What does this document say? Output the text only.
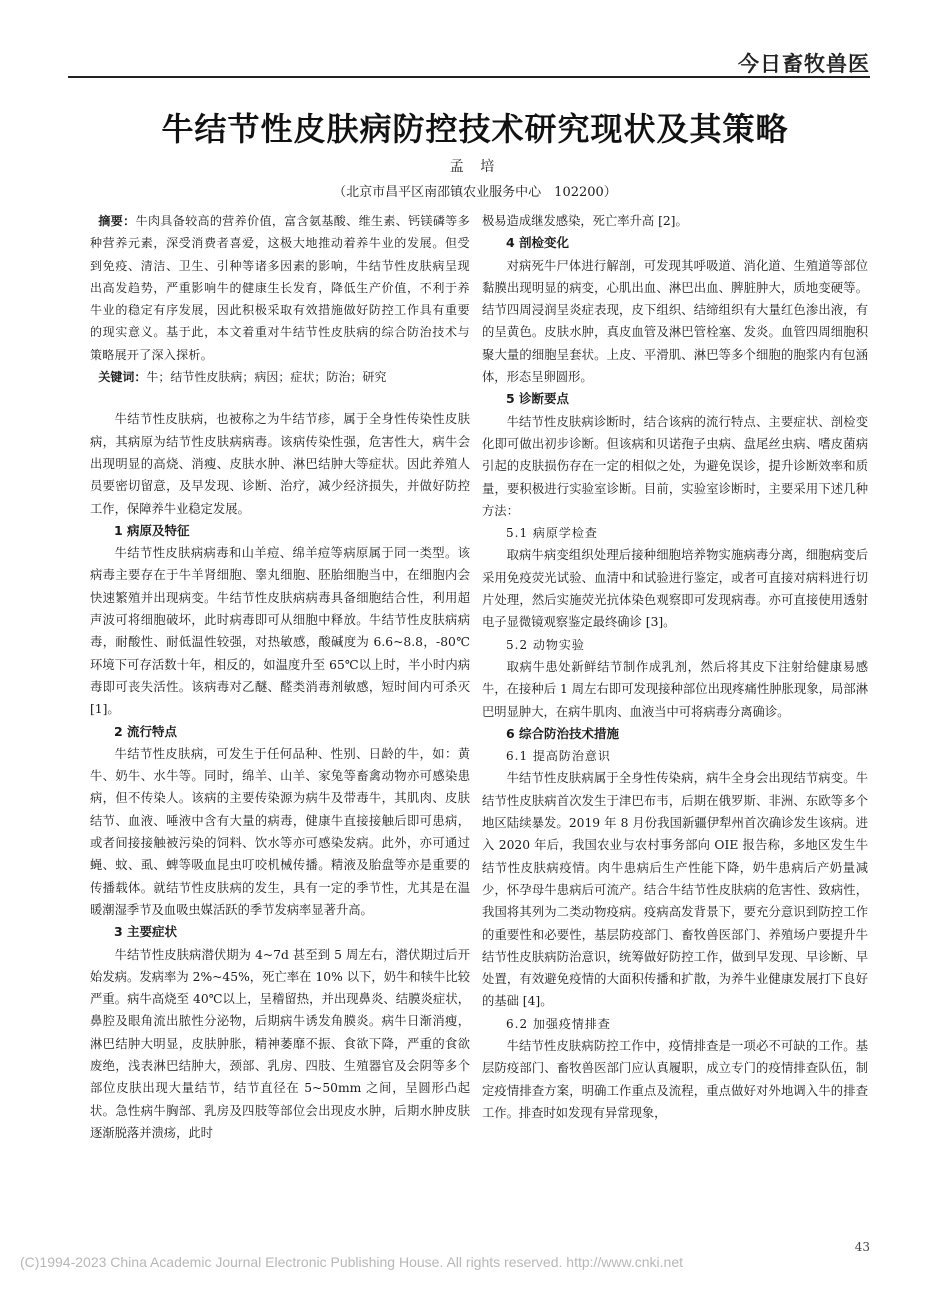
今日畜牧兽医
牛结节性皮肤病防控技术研究现状及其策略
孟 培
（北京市昌平区南邵镇农业服务中心　102200）

摘要：牛肉具备较高的营养价值，富含氨基酸、维生素、钙镁磷等多种营养元素，深受消费者喜爱，这极大地推动着养牛业的发展。但受到免疫、清洁、卫生、引种等诸多因素的影响，牛结节性皮肤病呈现出高发趋势，严重影响牛的健康生长发育，降低生产价值，不利于养牛业的稳定有序发展，因此积极采取有效措施做好防控工作具有重要的现实意义。基于此，本文着重对牛结节性皮肤病的综合防治技术与策略展开了深入探析。

关键词：牛；结节性皮肤病；病因；症状；防治；研究

牛结节性皮肤病，也被称之为牛结节疹，属于全身性传染性皮肤病，其病原为结节性皮肤病病毒。该病传染性强，危害性大，病牛会出现明显的高烧、消瘦、皮肤水肿、淋巴结肿大等症状。因此养殖人员要密切留意，及早发现、诊断、治疗，减少经济损失，并做好防控工作，保障养牛业稳定发展。

1 病原及特征

牛结节性皮肤病病毒和山羊痘、绵羊痘等病原属于同一类型。该病毒主要存在于牛羊肾细胞、睾丸细胞、胚胎细胞当中，在细胞内会快速繁殖并出现病变。牛结节性皮肤病病毒具备细胞结合性，利用超声波可将细胞破坏，此时病毒即可从细胞中释放。牛结节性皮肤病病毒，耐酸性、耐低温性较强，对热敏感，酸碱度为 6.6~8.8，-80℃环境下可存活数十年，相反的，如温度升至 65℃以上时，半小时内病毒即可丧失活性。该病毒对乙醚、醛类消毒剂敏感，短时间内可杀灭 [1]。

2 流行特点

牛结节性皮肤病，可发生于任何品种、性别、日龄的牛，如：黄牛、奶牛、水牛等。同时，绵羊、山羊、家兔等畜禽动物亦可感染患病，但不传染人。该病的主要传染源为病牛及带毒牛，其肌肉、皮肤结节、血液、唾液中含有大量的病毒，健康牛直接接触后即可患病，或者间接接触被污染的饲料、饮水等亦可感染发病。此外，亦可通过蝇、蚊、虱、蜱等吸血昆虫叮咬机械传播。精液及胎盘等亦是重要的传播载体。就结节性皮肤病的发生，具有一定的季节性，尤其是在温暖潮湿季节及血吸虫媒活跃的季节发病率显著升高。

3 主要症状

牛结节性皮肤病潜伏期为 4~7d 甚至到 5 周左右，潜伏期过后开始发病。发病率为 2%~45%，死亡率在 10% 以下，奶牛和犊牛比较严重。病牛高烧至 40℃以上，呈稽留热，并出现鼻炎、结膜炎症状，鼻腔及眼角流出脓性分泌物，后期病牛诱发角膜炎。病牛日渐消瘦，淋巴结肿大明显，皮肤肿胀，精神萎靡不振、食欲下降，严重的食欲废绝，浅表淋巴结肿大，颈部、乳房、四肢、生殖器官及会阴等多个部位皮肤出现大量结节，结节直径在 5~50mm 之间，呈圆形凸起状。急性病牛胸部、乳房及四肢等部位会出现皮水肿，后期水肿皮肤逐渐脱落并溃疡，此时

极易造成继发感染，死亡率升高 [2]。

4 剖检变化

对病死牛尸体进行解剖，可发现其呼吸道、消化道、生殖道等部位黏膜出现明显的病变，心肌出血、淋巴出血、脾脏肿大，质地变硬等。结节四周浸润呈炎症表现，皮下组织、结缔组织有大量红色渗出液，有的呈黄色。皮肤水肿，真皮血管及淋巴管栓塞、发炎。血管四周细胞积聚大量的细胞呈套状。上皮、平滑肌、淋巴等多个细胞的胞浆内有包涵体，形态呈卵圆形。

5 诊断要点

牛结节性皮肤病诊断时，结合该病的流行特点、主要症状、剖检变化即可做出初步诊断。但该病和贝诺孢子虫病、盘尾丝虫病、嗜皮菌病引起的皮肤损伤存在一定的相似之处，为避免误诊，提升诊断效率和质量，要积极进行实验室诊断。目前，实验室诊断时，主要采用下述几种方法：

5.1 病原学检查

取病牛病变组织处理后接种细胞培养物实施病毒分离，细胞病变后采用免疫荧光试验、血清中和试验进行鉴定，或者可直接对病料进行切片处理，然后实施荧光抗体染色观察即可发现病毒。亦可直接使用透射电子显微镜观察鉴定最终确诊 [3]。

5.2 动物实验

取病牛患处新鲜结节制作成乳剂，然后将其皮下注射给健康易感牛，在接种后 1 周左右即可发现接种部位出现疼痛性肿胀现象，局部淋巴明显肿大，在病牛肌肉、血液当中可将病毒分离确诊。

6 综合防治技术措施

6.1 提高防治意识

牛结节性皮肤病属于全身性传染病，病牛全身会出现结节病变。牛结节性皮肤病首次发生于津巴布韦，后期在俄罗斯、非洲、东欧等多个地区陆续暴发。2019 年 8 月份我国新疆伊犁州首次确诊发生该病。进入 2020 年后，我国农业与农村事务部向 OIE 报告称，多地区发生牛结节性皮肤病疫情。肉牛患病后生产性能下降，奶牛患病后产奶量减少，怀孕母牛患病后可流产。结合牛结节性皮肤病的危害性、致病性，我国将其列为二类动物疫病。疫病高发背景下，要充分意识到防控工作的重要性和必要性，基层防疫部门、畜牧兽医部门、养殖场户要提升牛结节性皮肤病防治意识，统筹做好防控工作，做到早发现、早诊断、早处置，有效避免疫情的大面积传播和扩散，为养牛业健康发展打下良好的基础 [4]。

6.2 加强疫情排查

牛结节性皮肤病防控工作中，疫情排查是一项必不可缺的工作。基层防疫部门、畜牧兽医部门应认真履职，成立专门的疫情排查队伍，制定疫情排查方案，明确工作重点及流程，重点做好对外地调入牛的排查工作。排查时如发现有异常现象，

43
(C)1994-2023 China Academic Journal Electronic Publishing House. All rights reserved. http://www.cnki.net
